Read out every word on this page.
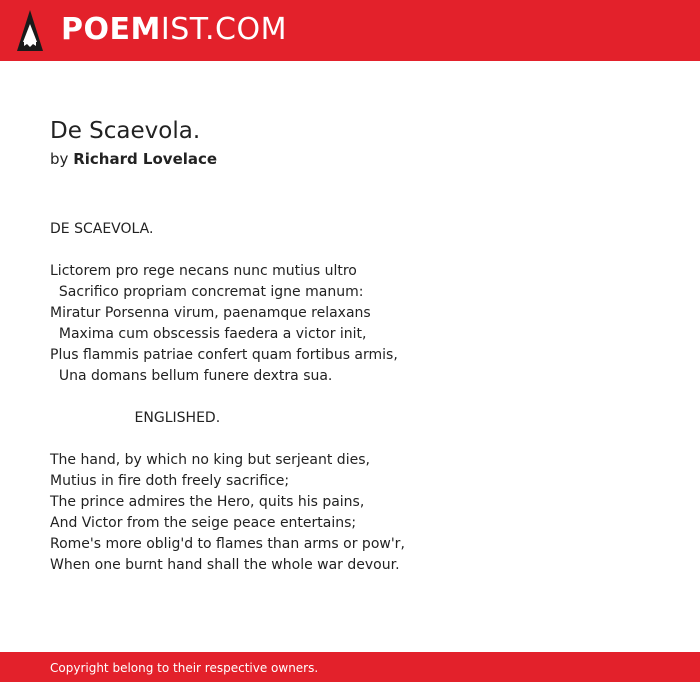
POEMIST.COM
De Scaevola.
by Richard Lovelace
DE SCAEVOLA.

Lictorem pro rege necans nunc mutius ultro
Sacrifico propriam concremat igne manum:
Miratur Porsenna virum, paenamque relaxans
Maxima cum obscessis faedera a victor init,
Plus flammis patriae confert quam fortibus armis,
Una domans bellum funere dextra sua.

ENGLISHED.

The hand, by which no king but serjeant dies,
Mutius in fire doth freely sacrifice;
The prince admires the Hero, quits his pains,
And Victor from the seige peace entertains;
Rome's more oblig'd to flames than arms or pow'r,
When one burnt hand shall the whole war devour.
Copyright belong to their respective owners.
